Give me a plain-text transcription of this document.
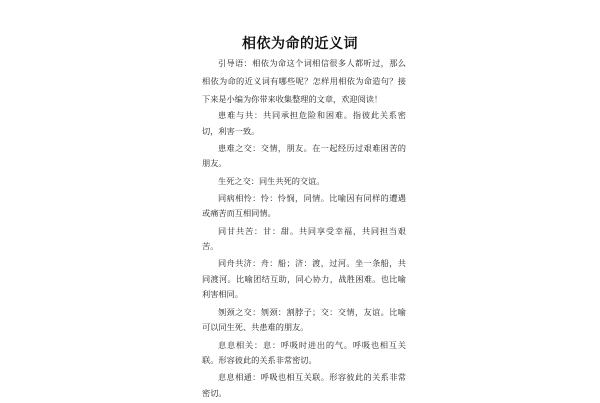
相依为命的近义词

引导语：相依为命这个词相信很多人都听过，那么相依为命的近义词有哪些呢？怎样用相依为命造句？接下来是小编为你带来收集整理的文章，欢迎阅读！

患难与共：共同承担危险和困难。指彼此关系密切，利害一致。

患难之交：交情，朋友。在一起经历过艰难困苦的朋友。

生死之交：同生共死的交谊。

同病相怜：怜：怜悯，同情。比喻因有同样的遭遇或痛苦而互相同情。

同甘共苦：甘：甜。共同享受幸福，共同担当艰苦。

同舟共济：舟：船；济：渡，过河。坐一条船，共同渡河。比喻团结互助，同心协力，战胜困难。也比喻利害相同。

刎颈之交：刎颈：割脖子；交：交情，友谊。比喻可以同生死、共患难的朋友。

息息相关：息：呼吸时进出的气。呼吸也相互关联。形容彼此的关系非常密切。

息息相通：呼吸也相互关联。形容彼此的关系非常密切。
